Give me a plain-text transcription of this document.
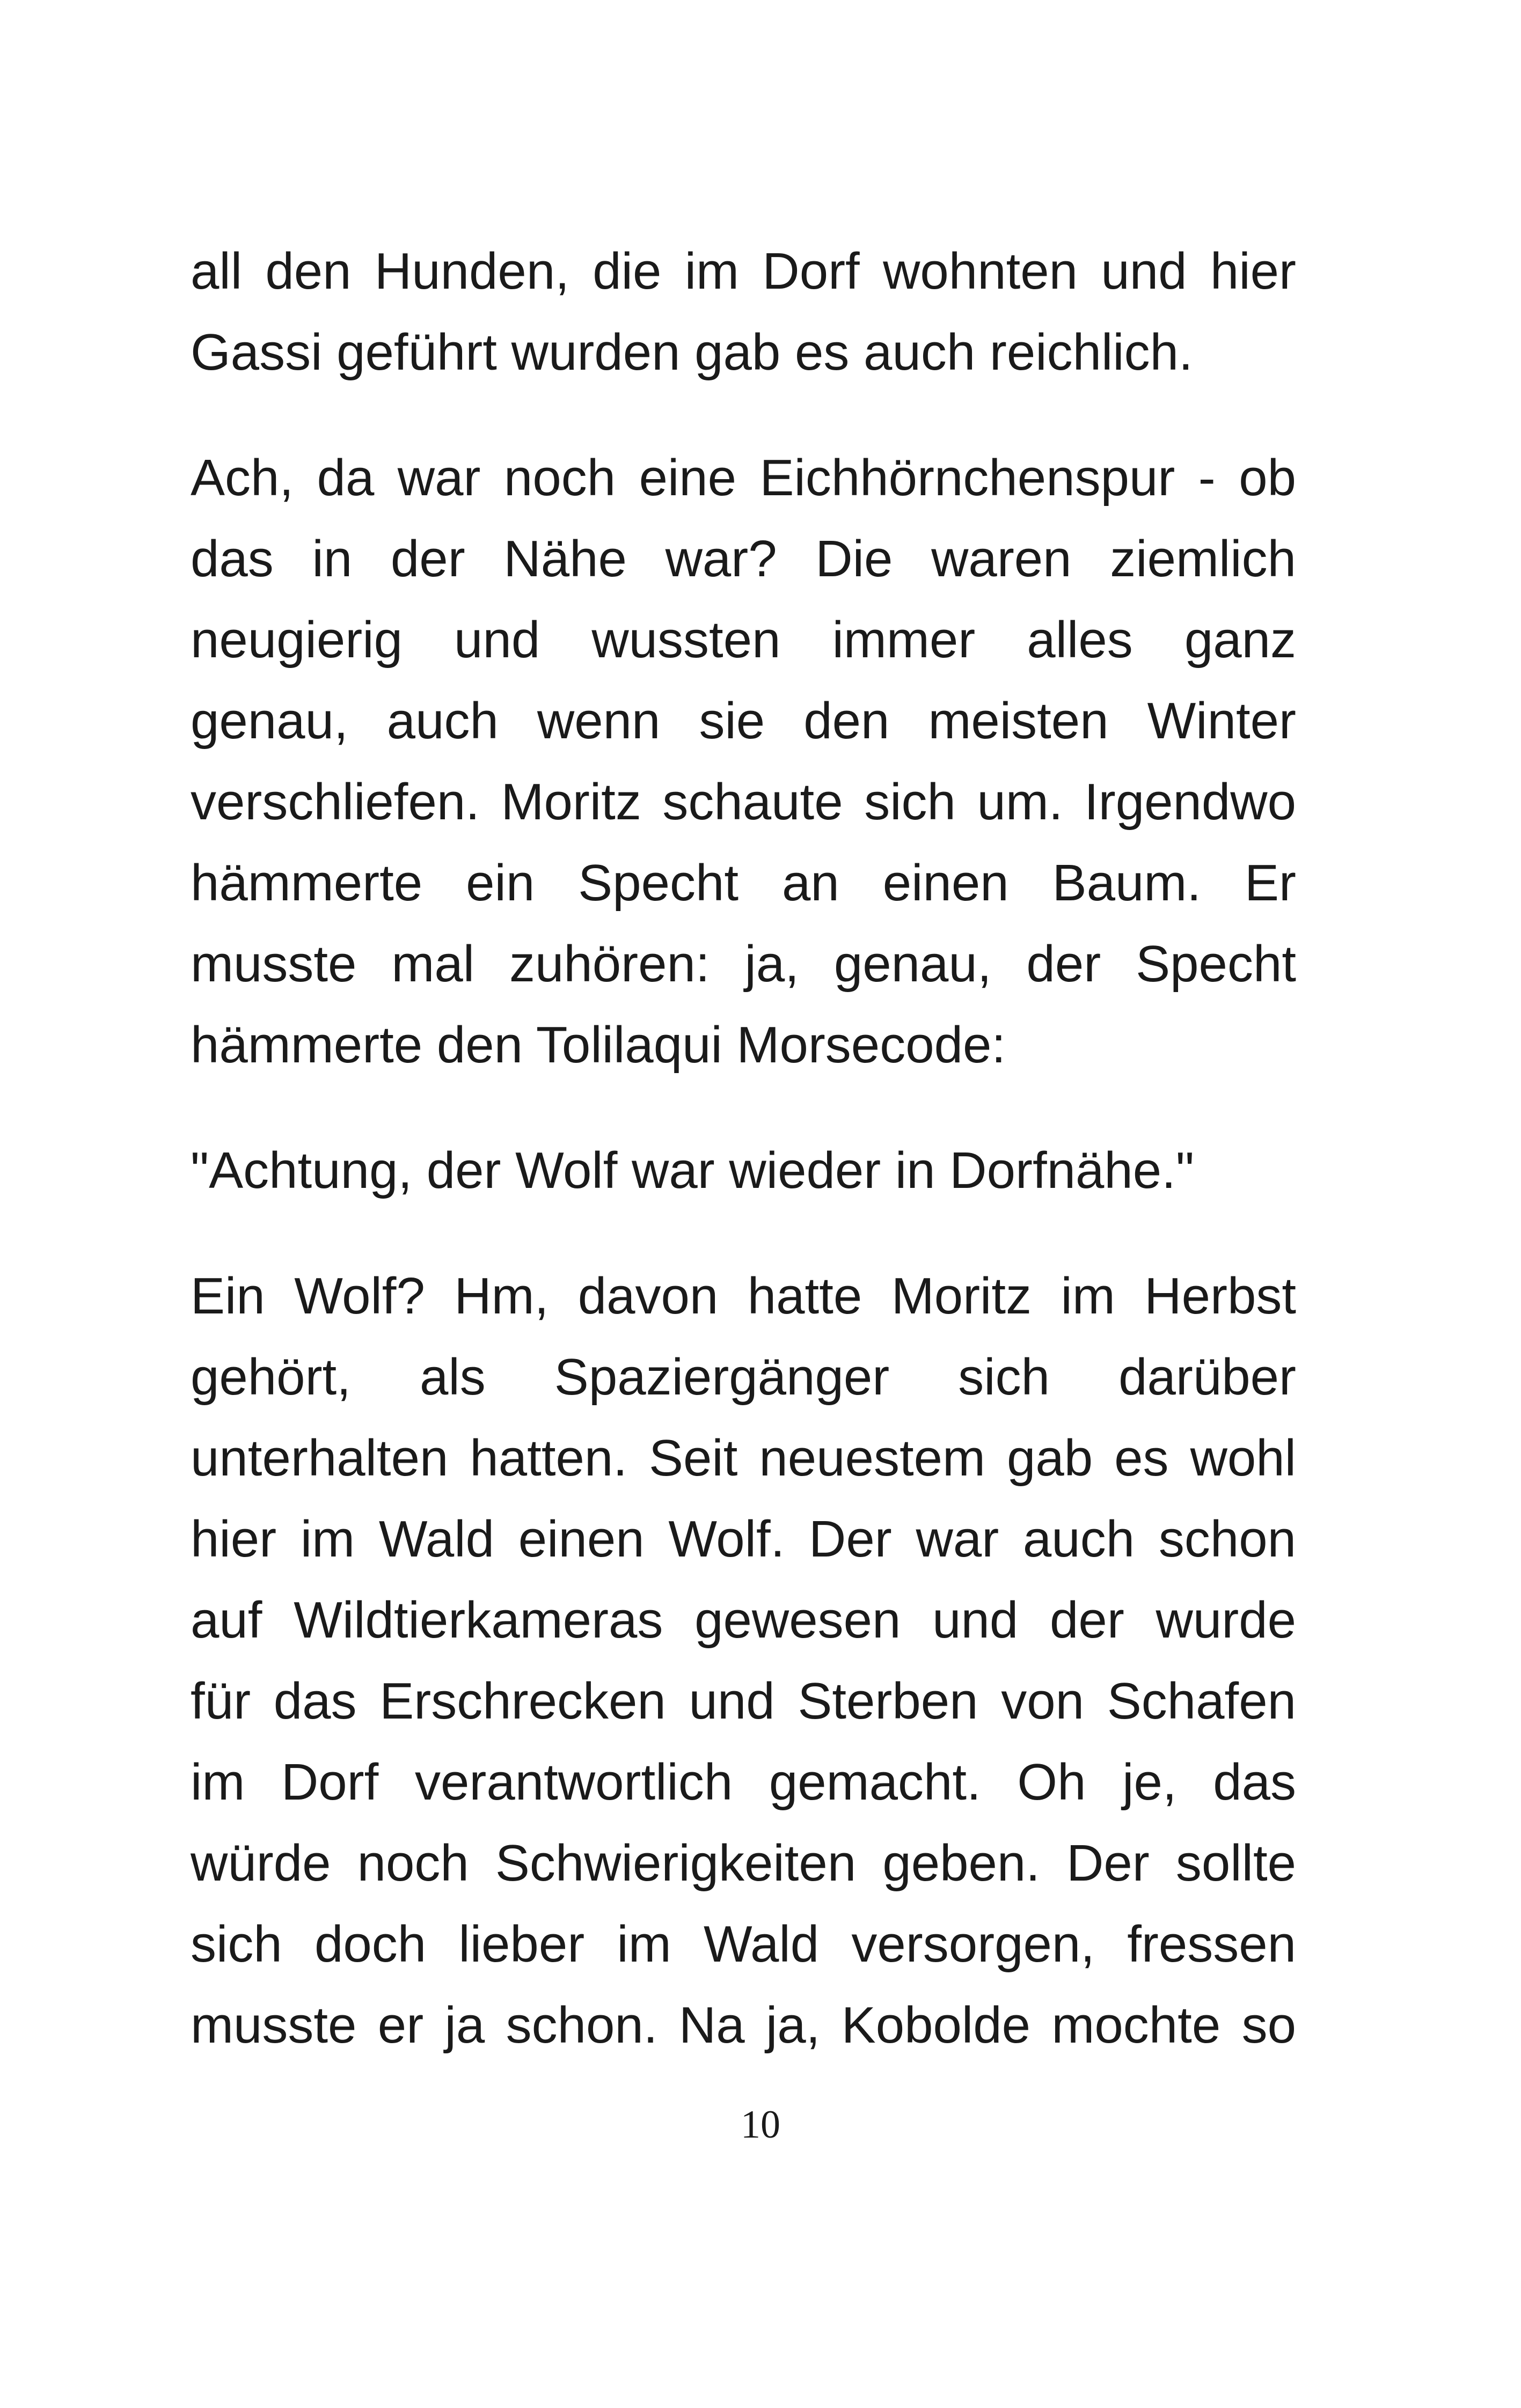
all den Hunden, die im Dorf wohnten und hier
Gassi geführt wurden gab es auch reichlich.
Ach, da war noch eine Eichhörnchenspur - ob
das in der Nähe war? Die waren ziemlich
neugierig und wussten immer alles ganz
genau, auch wenn sie den meisten Winter
verschliefen. Moritz schaute sich um. Irgendwo
hämmerte ein Specht an einen Baum. Er
musste mal zuhören: ja, genau, der Specht
hämmerte den Tolilaqui Morsecode:
"Achtung, der Wolf war wieder in Dorfnähe."
Ein Wolf? Hm, davon hatte Moritz im Herbst
gehört, als Spaziergänger sich darüber
unterhalten hatten. Seit neuestem gab es wohl
hier im Wald einen Wolf. Der war auch schon
auf Wildtierkameras gewesen und der wurde
für das Erschrecken und Sterben von Schafen
im Dorf verantwortlich gemacht. Oh je, das
würde noch Schwierigkeiten geben. Der sollte
sich doch lieber im Wald versorgen, fressen
musste er ja schon. Na ja, Kobolde mochte so
10
